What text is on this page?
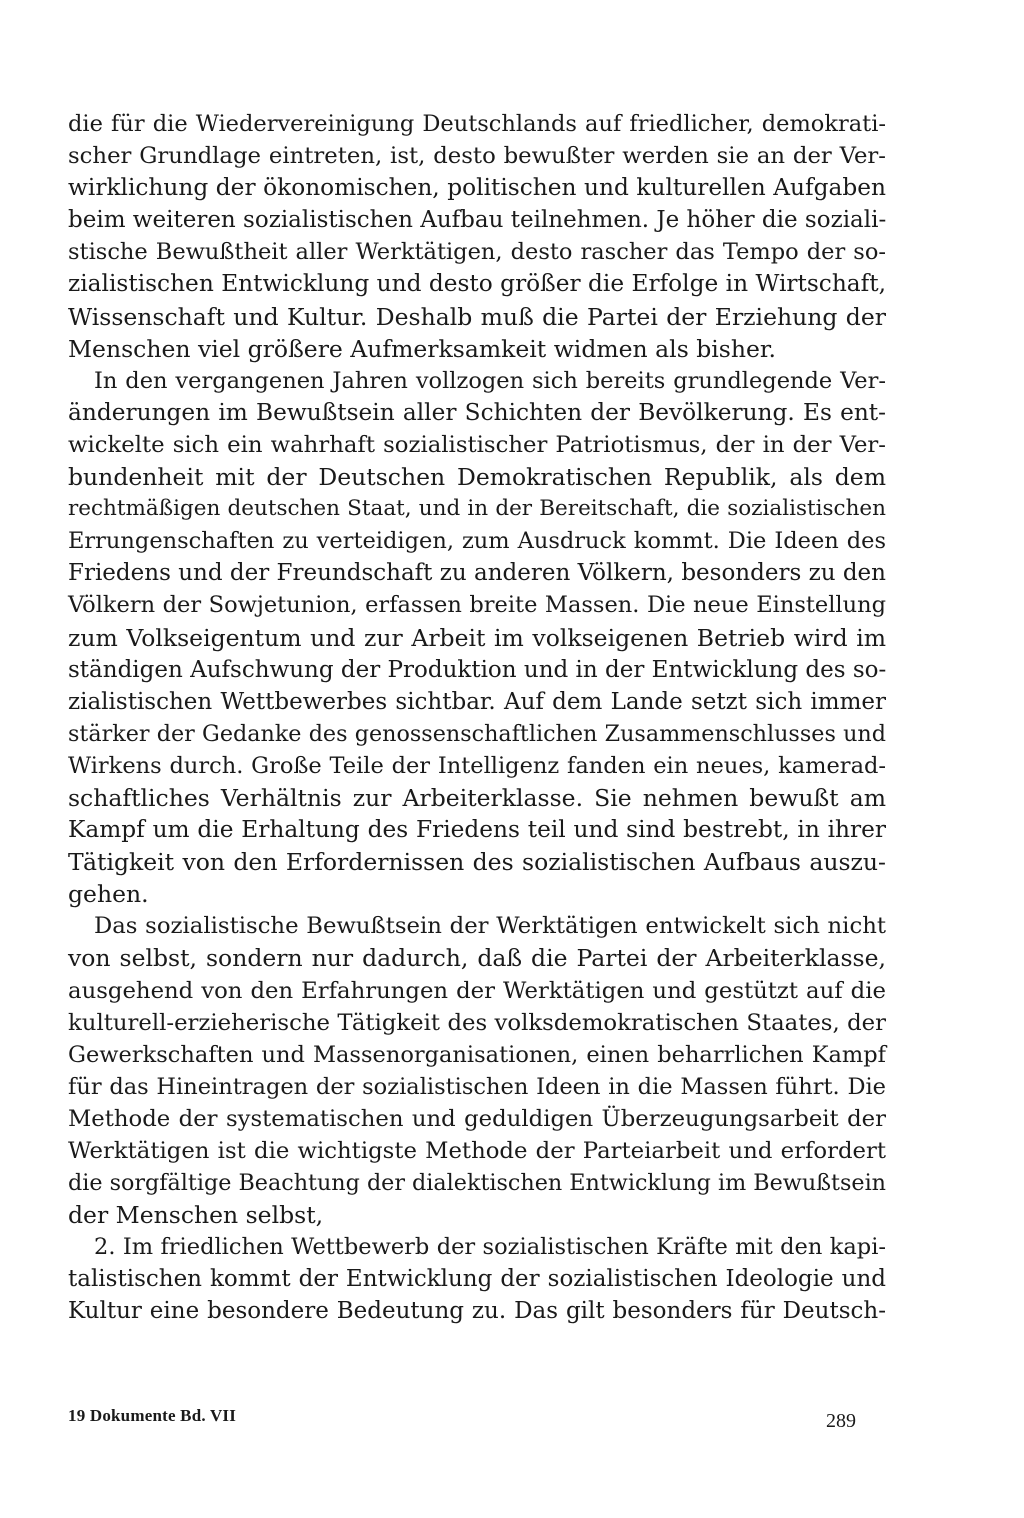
die für die Wiedervereinigung Deutschlands auf friedlicher, demokrati-
scher Grundlage eintreten, ist, desto bewußter werden sie an der Ver-
wirklichung der ökonomischen, politischen und kulturellen Aufgaben
beim weiteren sozialistischen Aufbau teilnehmen. Je höher die soziali-
stische Bewußtheit aller Werktätigen, desto rascher das Tempo der so-
zialistischen Entwicklung und desto größer die Erfolge in Wirtschaft,
Wissenschaft und Kultur. Deshalb muß die Partei der Erziehung der
Menschen viel größere Aufmerksamkeit widmen als bisher.
In den vergangenen Jahren vollzogen sich bereits grundlegende Ver-
änderungen im Bewußtsein aller Schichten der Bevölkerung. Es ent-
wickelte sich ein wahrhaft sozialistischer Patriotismus, der in der Ver-
bundenheit mit der Deutschen Demokratischen Republik, als dem
rechtmäßigen deutschen Staat, und in der Bereitschaft, die sozialistischen
Errungenschaften zu verteidigen, zum Ausdruck kommt. Die Ideen des
Friedens und der Freundschaft zu anderen Völkern, besonders zu den
Völkern der Sowjetunion, erfassen breite Massen. Die neue Einstellung
zum Volkseigentum und zur Arbeit im volkseigenen Betrieb wird im
ständigen Aufschwung der Produktion und in der Entwicklung des so-
zialistischen Wettbewerbes sichtbar. Auf dem Lande setzt sich immer
stärker der Gedanke des genossenschaftlichen Zusammenschlusses und
Wirkens durch. Große Teile der Intelligenz fanden ein neues, kamerad-
schaftliches Verhältnis zur Arbeiterklasse. Sie nehmen bewußt am
Kampf um die Erhaltung des Friedens teil und sind bestrebt, in ihrer
Tätigkeit von den Erfordernissen des sozialistischen Aufbaus auszu-
gehen.
Das sozialistische Bewußtsein der Werktätigen entwickelt sich nicht
von selbst, sondern nur dadurch, daß die Partei der Arbeiterklasse,
ausgehend von den Erfahrungen der Werktätigen und gestützt auf die
kulturell-erzieherische Tätigkeit des volksdemokratischen Staates, der
Gewerkschaften und Massenorganisationen, einen beharrlichen Kampf
für das Hineintragen der sozialistischen Ideen in die Massen führt. Die
Methode der systematischen und geduldigen Überzeugungsarbeit der
Werktätigen ist die wichtigste Methode der Parteiarbeit und erfordert
die sorgfältige Beachtung der dialektischen Entwicklung im Bewußtsein
der Menschen selbst,
2. Im friedlichen Wettbewerb der sozialistischen Kräfte mit den kapi-
talistischen kommt der Entwicklung der sozialistischen Ideologie und
Kultur eine besondere Bedeutung zu. Das gilt besonders für Deutsch-
19 Dokumente Bd. VII	289
